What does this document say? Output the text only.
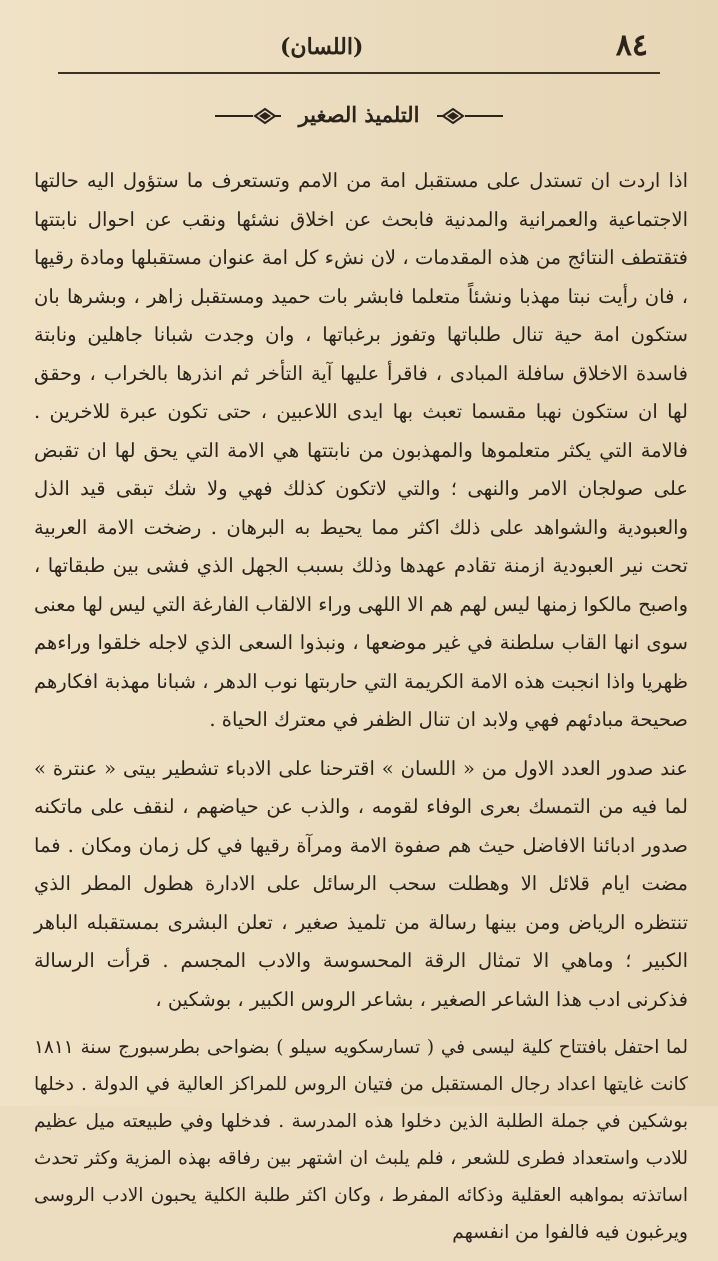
٨٤
(اللسان)
التلميذ الصغير

اذا اردت ان تستدل على مستقبل امة من الامم وتستعرف ما ستؤول اليه حالتها الاجتماعية والعمرانية والمدنية فابحث عن اخلاق نشئها ونقب عن احوال نابتتها فتقتطف النتائج من هذه المقدمات ، لان نشء كل امة عنوان مستقبلها ومادة رقيها ، فان رأيت نبتا مهذبا ونشئاً متعلما فابشر بات حميد ومستقبل زاهر ، وبشرها بان ستكون امة حية تنال طلباتها وتفوز برغباتها ، وان وجدت شبانا جاهلين ونابتة فاسدة الاخلاق سافلة المبادى ، فاقرأ عليها آية التأخر ثم انذرها بالخراب ، وحقق لها ان ستكون نهبا مقسما تعبث بها ايدى اللاعبين ، حتى تكون عبرة للاخرين . فالامة التي يكثر متعلموها والمهذبون من نابتتها هي الامة التي يحق لها ان تقبض على صولجان الامر والنهى ؛ والتي لاتكون كذلك فهي ولا شك تبقى قيد الذل والعبودية والشواهد على ذلك اكثر مما يحيط به البرهان . رضخت الامة العربية تحت نير العبودية ازمنة تقادم عهدها وذلك بسبب الجهل الذي فشى بين طبقاتها ، واصبح مالكوا زمنها ليس لهم هم الا اللهى وراء الالقاب الفارغة التي ليس لها معنى سوى انها القاب سلطنة في غير موضعها ، ونبذوا السعى الذي لاجله خلقوا وراءهم ظهريا واذا انجبت هذه الامة الكريمة التي حاربتها نوب الدهر ، شبانا مهذبة افكارهم صحيحة مبادئهم فهي ولابد ان تنال الظفر في معترك الحياة .

عند صدور العدد الاول من « اللسان » اقترحنا على الادباء تشطير بيتى « عنترة » لما فيه من التمسك بعرى الوفاء لقومه ، والذب عن حياضهم ، لنقف على ماتكنه صدور ادبائنا الافاضل حيث هم صفوة الامة ومرآة رقيها في كل زمان ومكان . فما مضت ايام قلائل الا وهطلت سحب الرسائل على الادارة هطول المطر الذي تنتظره الرياض ومن بينها رسالة من تلميذ صغير ، تعلن البشرى بمستقبله الباهر الكبير ؛ وماهي الا تمثال الرقة المحسوسة والادب المجسم . قرأت الرسالة فذكرنى ادب هذا الشاعر الصغير ، بشاعر الروس الكبير ، بوشكين ،

لما احتفل بافتتاح كلية ليسى في ( تسارسكويه سيلو ) بضواحى بطرسبورج سنة ١٨١١ كانت غايتها اعداد رجال المستقبل من فتيان الروس للمراكز العالية في الدولة . دخلها بوشكين في جملة الطلبة الذين دخلوا هذه المدرسة . فدخلها وفي طبيعته ميل عظيم للادب واستعداد فطرى للشعر ، فلم يلبث ان اشتهر بين رفاقه بهذه المزية وكثر تحدث اساتذته بمواهبه العقلية وذكائه المفرط ، وكان اكثر طلبة الكلية يحبون الادب الروسى ويرغبون فيه فالفوا من انفسهم
